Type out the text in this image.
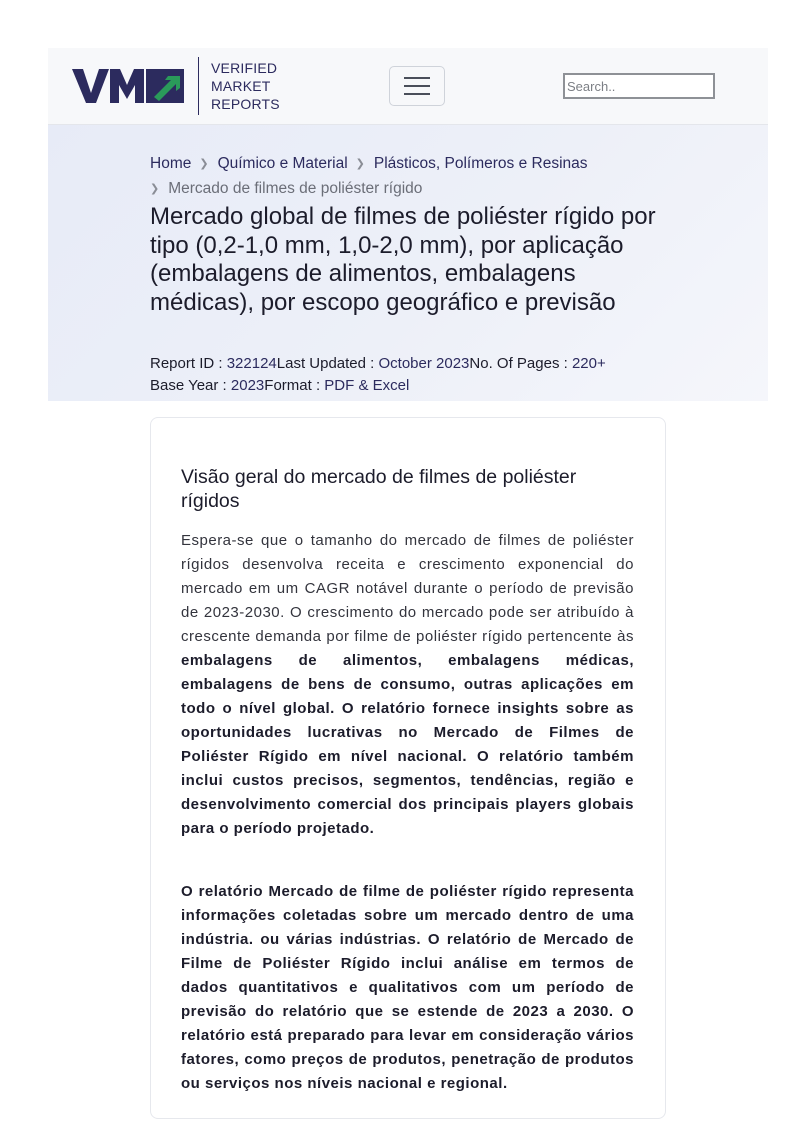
VERIFIED
MARKET
REPORTS
Search..
Home ❯ Químico e Material ❯ Plásticos, Polímeros e Resinas
❯ Mercado de filmes de poliéster rígido
Mercado global de filmes de poliéster rígido por tipo (0,2-1,0 mm, 1,0-2,0 mm), por aplicação (embalagens de alimentos, embalagens médicas), por escopo geográfico e previsão
Report ID : 322124Last Updated : October 2023No. Of Pages : 220+
Base Year : 2023Format : PDF & Excel
Visão geral do mercado de filmes de poliéster rígidos

Espera-se que o tamanho do mercado de filmes de poliéster rígidos desenvolva receita e crescimento exponencial do mercado em um CAGR notável durante o período de previsão de 2023-2030. O crescimento do mercado pode ser atribuído à crescente demanda por filme de poliéster rígido pertencente às embalagens de alimentos, embalagens médicas, embalagens de bens de consumo, outras aplicações em todo o nível global. O relatório fornece insights sobre as oportunidades lucrativas no Mercado de Filmes de Poliéster Rígido em nível nacional. O relatório também inclui custos precisos, segmentos, tendências, região e desenvolvimento comercial dos principais players globais para o período projetado.

O relatório Mercado de filme de poliéster rígido representa informações coletadas sobre um mercado dentro de uma indústria. ou várias indústrias. O relatório de Mercado de Filme de Poliéster Rígido inclui análise em termos de dados quantitativos e qualitativos com um período de previsão do relatório que se estende de 2023 a 2030. O relatório está preparado para levar em consideração vários fatores, como preços de produtos, penetração de produtos ou serviços nos níveis nacional e regional.
